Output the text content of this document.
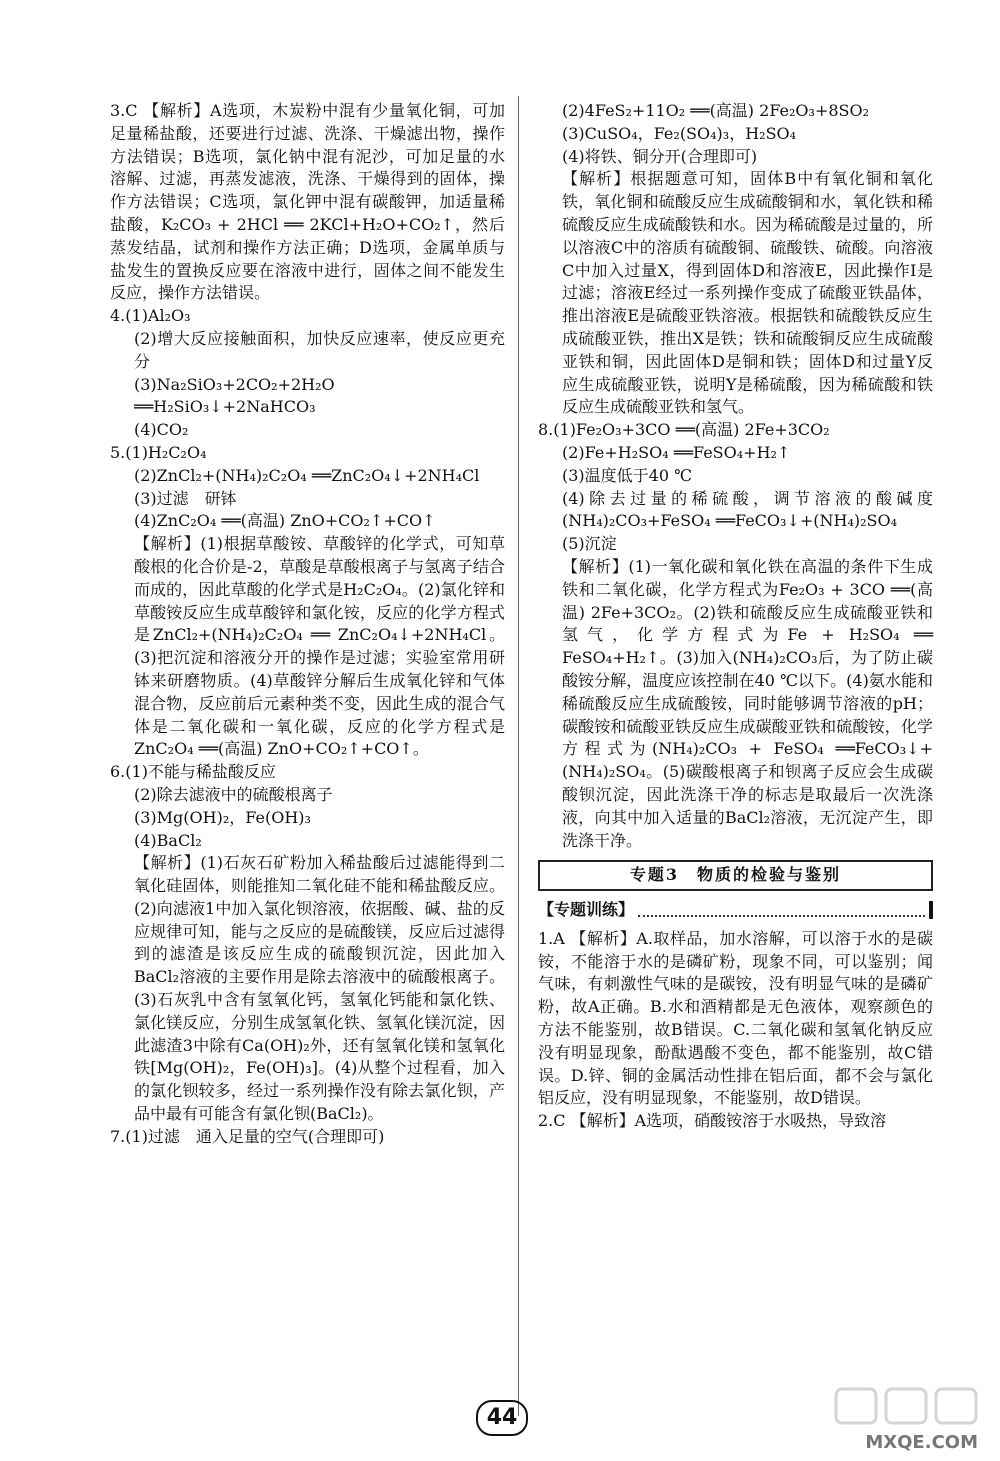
3.C 【解析】A选项，木炭粉中混有少量氧化铜，可加足量稀盐酸，还要进行过滤、洗涤、干燥滤出物，操作方法错误；B选项，氯化钠中混有泥沙，可加足量的水溶解、过滤，再蒸发滤液，洗涤、干燥得到的固体，操作方法错误；C选项，氯化钾中混有碳酸钾，加适量稀盐酸，K₂CO₃ + 2HCl ══ 2KCl+H₂O+CO₂↑，然后蒸发结晶，试剂和操作方法正确；D选项，金属单质与盐发生的置换反应要在溶液中进行，固体之间不能发生反应，操作方法错误。

4.(1)Al₂O₃

(2)增大反应接触面积，加快反应速率，使反应更充分

(3)Na₂SiO₃+2CO₂+2H₂O ══H₂SiO₃↓+2NaHCO₃

(4)CO₂

5.(1)H₂C₂O₄

(2)ZnCl₂+(NH₄)₂C₂O₄ ══ZnC₂O₄↓+2NH₄Cl

(3)过滤　研钵

(4)ZnC₂O₄ ══(高温) ZnO+CO₂↑+CO↑

【解析】(1)根据草酸铵、草酸锌的化学式，可知草酸根的化合价是-2，草酸是草酸根离子与氢离子结合而成的，因此草酸的化学式是H₂C₂O₄。(2)氯化锌和草酸铵反应生成草酸锌和氯化铵，反应的化学方程式是ZnCl₂+(NH₄)₂C₂O₄ ══ ZnC₂O₄↓+2NH₄Cl。(3)把沉淀和溶液分开的操作是过滤；实验室常用研钵来研磨物质。(4)草酸锌分解后生成氧化锌和气体混合物，反应前后元素种类不变，因此生成的混合气体是二氧化碳和一氧化碳，反应的化学方程式是ZnC₂O₄ ══(高温) ZnO+CO₂↑+CO↑。

6.(1)不能与稀盐酸反应

(2)除去滤液中的硫酸根离子

(3)Mg(OH)₂，Fe(OH)₃

(4)BaCl₂

【解析】(1)石灰石矿粉加入稀盐酸后过滤能得到二氧化硅固体，则能推知二氧化硅不能和稀盐酸反应。(2)向滤液1中加入氯化钡溶液，依据酸、碱、盐的反应规律可知，能与之反应的是硫酸镁，反应后过滤得到的滤渣是该反应生成的硫酸钡沉淀，因此加入BaCl₂溶液的主要作用是除去溶液中的硫酸根离子。(3)石灰乳中含有氢氧化钙，氢氧化钙能和氯化铁、氯化镁反应，分别生成氢氧化铁、氢氧化镁沉淀，因此滤渣3中除有Ca(OH)₂外，还有氢氧化镁和氢氧化铁[Mg(OH)₂，Fe(OH)₃]。(4)从整个过程看，加入的氯化钡较多，经过一系列操作没有除去氯化钡，产品中最有可能含有氯化钡(BaCl₂)。

7.(1)过滤　通入足量的空气(合理即可)

(2)4FeS₂+11O₂ ══(高温) 2Fe₂O₃+8SO₂

(3)CuSO₄，Fe₂(SO₄)₃，H₂SO₄

(4)将铁、铜分开(合理即可)

【解析】根据题意可知，固体B中有氧化铜和氧化铁，氧化铜和硫酸反应生成硫酸铜和水，氧化铁和稀硫酸反应生成硫酸铁和水。因为稀硫酸是过量的，所以溶液C中的溶质有硫酸铜、硫酸铁、硫酸。向溶液C中加入过量X，得到固体D和溶液E，因此操作Ⅰ是过滤；溶液E经过一系列操作变成了硫酸亚铁晶体，推出溶液E是硫酸亚铁溶液。根据铁和硫酸铁反应生成硫酸亚铁，推出X是铁；铁和硫酸铜反应生成硫酸亚铁和铜，因此固体D是铜和铁；固体D和过量Y反应生成硫酸亚铁，说明Y是稀硫酸，因为稀硫酸和铁反应生成硫酸亚铁和氢气。

8.(1)Fe₂O₃+3CO ══(高温) 2Fe+3CO₂

(2)Fe+H₂SO₄ ══FeSO₄+H₂↑

(3)温度低于40 ℃

(4)除去过量的稀硫酸，调节溶液的酸碱度　(NH₄)₂CO₃+FeSO₄ ══FeCO₃↓+(NH₄)₂SO₄

(5)沉淀

【解析】(1)一氧化碳和氧化铁在高温的条件下生成铁和二氧化碳，化学方程式为Fe₂O₃ + 3CO ══(高温) 2Fe+3CO₂。(2)铁和硫酸反应生成硫酸亚铁和氢气，化学方程式为Fe + H₂SO₄ ══ FeSO₄+H₂↑。(3)加入(NH₄)₂CO₃后，为了防止碳酸铵分解，温度应该控制在40 ℃以下。(4)氨水能和稀硫酸反应生成硫酸铵，同时能够调节溶液的pH；碳酸铵和硫酸亚铁反应生成碳酸亚铁和硫酸铵，化学方程式为(NH₄)₂CO₃ + FeSO₄ ══FeCO₃↓+(NH₄)₂SO₄。(5)碳酸根离子和钡离子反应会生成碳酸钡沉淀，因此洗涤干净的标志是取最后一次洗涤液，向其中加入适量的BaCl₂溶液，无沉淀产生，即洗涤干净。

专题3　物质的检验与鉴别
【专题训练】

1.A 【解析】A.取样品，加水溶解，可以溶于水的是碳铵，不能溶于水的是磷矿粉，现象不同，可以鉴别；闻气味，有刺激性气味的是碳铵，没有明显气味的是磷矿粉，故A正确。B.水和酒精都是无色液体，观察颜色的方法不能鉴别，故B错误。C.二氧化碳和氢氧化钠反应没有明显现象，酚酞遇酸不变色，都不能鉴别，故C错误。D.锌、铜的金属活动性排在铝后面，都不会与氯化铝反应，没有明显现象，不能鉴别，故D错误。

2.C 【解析】A选项，硝酸铵溶于水吸热，导致溶

44
MXQE.COM
